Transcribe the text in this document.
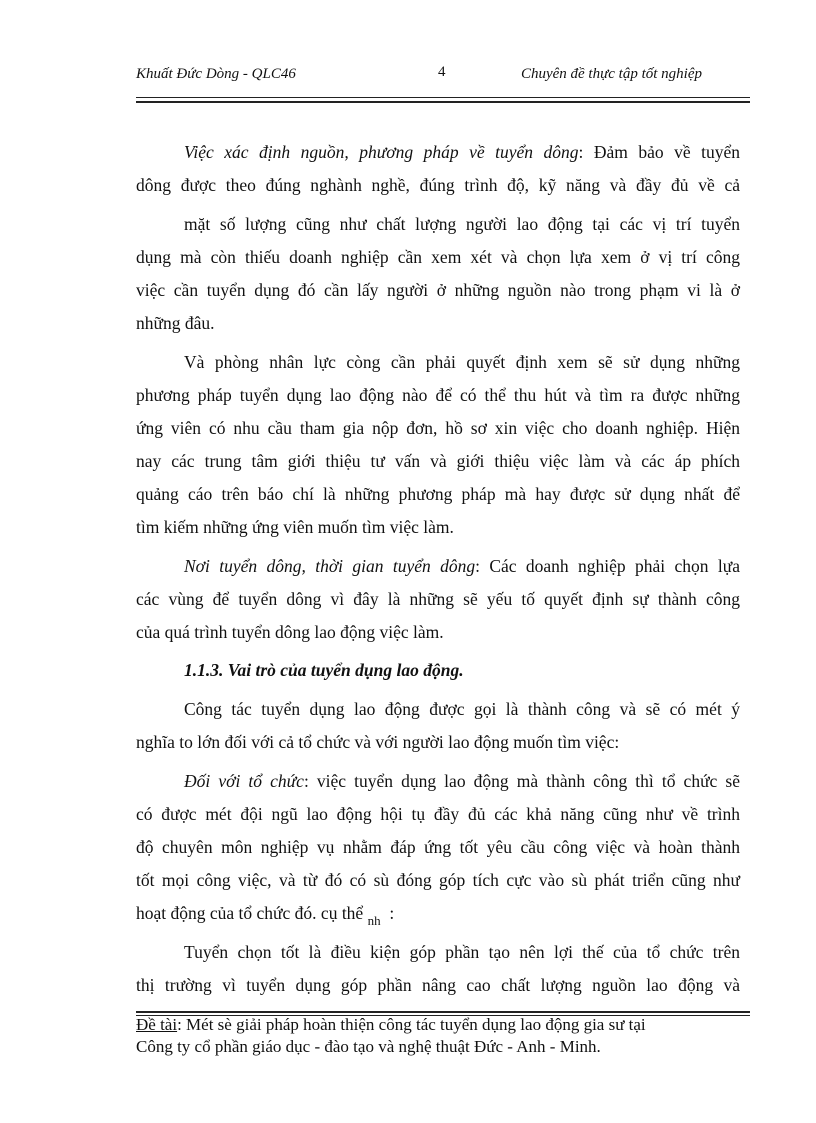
Khuất Đức Dòng - QLC46	4	Chuyên đề thực tập tốt nghiệp
Việc xác định nguồn, phương pháp về tuyển dông: Đảm bảo về tuyển
dông được theo đúng nghành nghề, đúng trình độ, kỹ năng và đầy đủ về cả
mặt số lượng cũng như chất lượng người lao động tại các vị trí tuyển
dụng mà còn thiếu doanh nghiệp cần xem xét và chọn lựa xem ở vị trí công
việc cần tuyển dụng đó cần lấy người ở những nguồn nào trong phạm vi là ở
những đâu.
Và phòng nhân lực còng cần phải quyết định xem sẽ sử dụng những
phương pháp tuyển dụng lao động nào để có thể thu hút và tìm ra được những
ứng viên có nhu cầu tham gia nộp đơn, hồ sơ xin việc cho doanh nghiệp. Hiện
nay các trung tâm giới thiệu tư vấn và giới thiệu việc làm và các áp phích
quảng cáo trên báo chí là những phương pháp mà hay được sử dụng nhất để
tìm kiếm những ứng viên muốn tìm việc làm.
Nơi tuyển dông, thời gian tuyển dông: Các doanh nghiệp phải chọn lựa
các vùng để tuyển dông vì đây là những sẽ yếu tố quyết định sự thành công
của quá trình tuyển dông lao động việc làm.
1.1.3. Vai trò của tuyển dụng lao động.
Công tác tuyển dụng lao động được gọi là thành công và sẽ có mét ý
nghĩa to lớn đối với cả tổ chức và với người lao động muốn tìm việc:
Đối với tổ chức: việc tuyển dụng lao động mà thành công thì tổ chức sẽ
có được mét đội ngũ lao động hội tụ đầy đủ các khả năng cũng như về trình
độ chuyên môn nghiệp vụ nhằm đáp ứng tốt yêu cầu công việc và hoàn thành
tốt mọi công việc, và từ đó có sù đóng góp tích cực vào sù phát triển cũng như
hoạt động của tổ chức đó. cụ thể $_{nh}$ :
Tuyển chọn tốt là điều kiện góp phần tạo nên lợi thế của tổ chức trên
thị trường vì tuyển dụng góp phần nâng cao chất lượng nguồn lao động và
Đề tài: Mét sè giải pháp hoàn thiện công tác tuyển dụng lao động gia sư tại
Công ty cổ phần giáo dục - đào tạo và nghệ thuật Đức - Anh - Minh.
